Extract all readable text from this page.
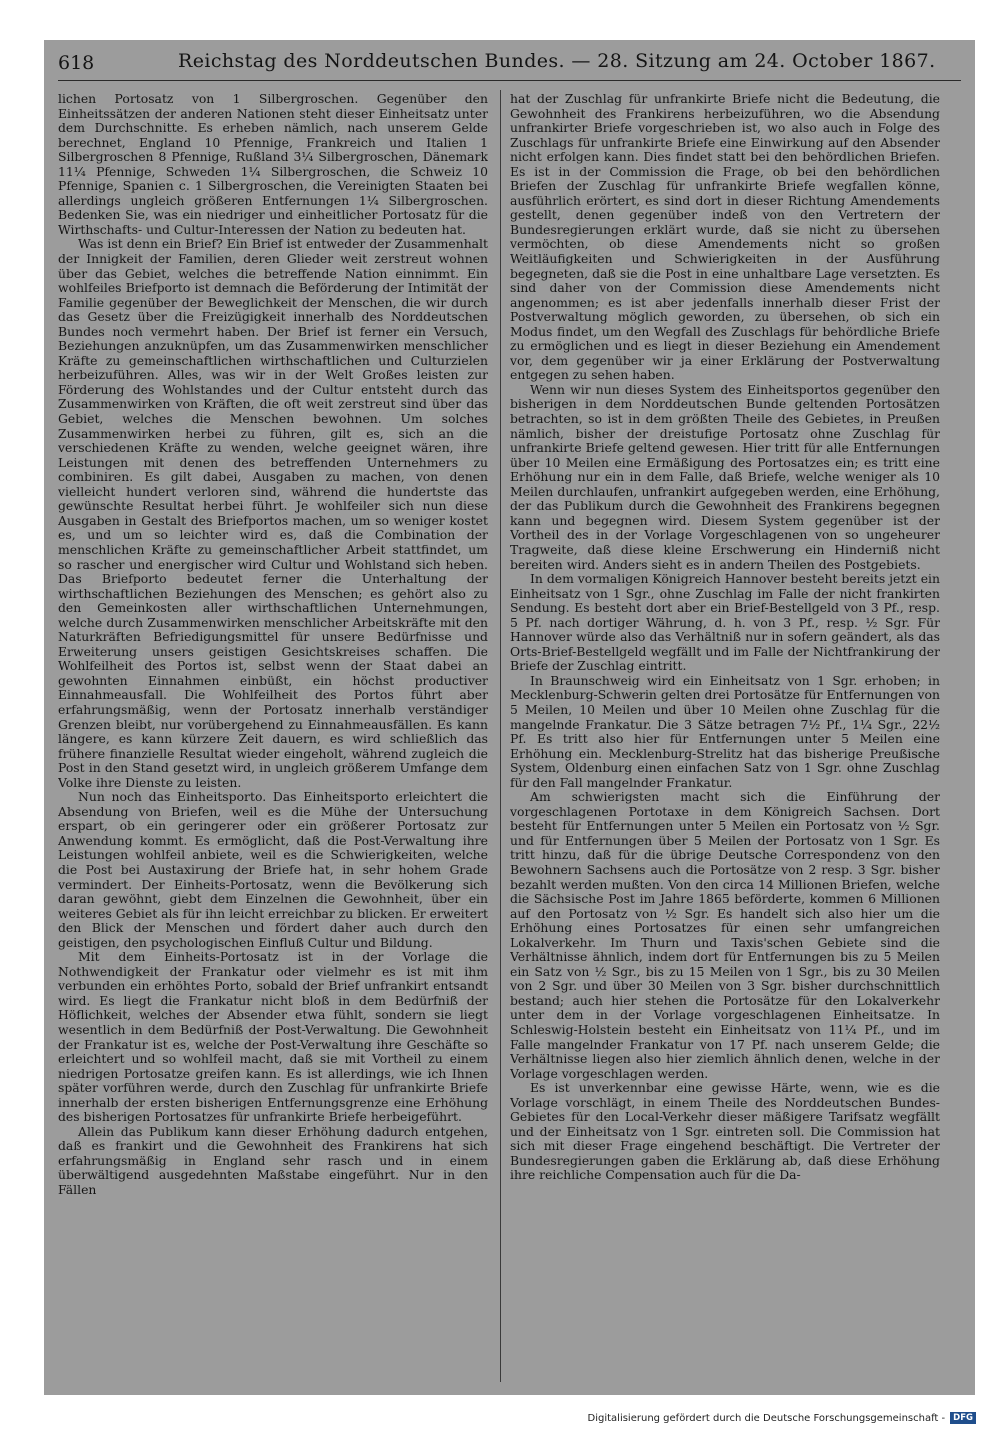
618	Reichstag des Norddeutschen Bundes. — 28. Sitzung am 24. October 1867.

lichen Portosatz von 1 Silbergroschen. Gegenüber den Einheitssätzen der anderen Nationen steht dieser Einheitsatz unter dem Durchschnitte. Es erheben nämlich, nach unserem Gelde berechnet, England 10 Pfennige, Frankreich und Italien 1 Silbergroschen 8 Pfennige, Rußland 3¼ Silbergroschen, Dänemark 11¼ Pfennige, Schweden 1¼ Silbergroschen, die Schweiz 10 Pfennige, Spanien c. 1 Silbergroschen, die Vereinigten Staaten bei allerdings ungleich größeren Entfernungen 1¼ Silbergroschen. Bedenken Sie, was ein niedriger und einheitlicher Portosatz für die Wirthschafts- und Cultur-Interessen der Nation zu bedeuten hat.

Was ist denn ein Brief? Ein Brief ist entweder der Zusammenhalt der Innigkeit der Familien, deren Glieder weit zerstreut wohnen über das Gebiet, welches die betreffende Nation einnimmt. Ein wohlfeiles Briefporto ist demnach die Beförderung der Intimität der Familie gegenüber der Beweglichkeit der Menschen, die wir durch das Gesetz über die Freizügigkeit innerhalb des Norddeutschen Bundes noch vermehrt haben. Der Brief ist ferner ein Versuch, Beziehungen anzuknüpfen, um das Zusammenwirken menschlicher Kräfte zu gemeinschaftlichen wirthschaftlichen und Culturzielen herbeizuführen. Alles, was wir in der Welt Großes leisten zur Förderung des Wohlstandes und der Cultur entsteht durch das Zusammenwirken von Kräften, die oft weit zerstreut sind über das Gebiet, welches die Menschen bewohnen. Um solches Zusammenwirken herbei zu führen, gilt es, sich an die verschiedenen Kräfte zu wenden, welche geeignet wären, ihre Leistungen mit denen des betreffenden Unternehmers zu combiniren. Es gilt dabei, Ausgaben zu machen, von denen vielleicht hundert verloren sind, während die hundertste das gewünschte Resultat herbei führt. Je wohlfeiler sich nun diese Ausgaben in Gestalt des Briefportos machen, um so weniger kostet es, und um so leichter wird es, daß die Combination der menschlichen Kräfte zu gemeinschaftlicher Arbeit stattfindet, um so rascher und energischer wird Cultur und Wohlstand sich heben. Das Briefporto bedeutet ferner die Unterhaltung der wirthschaftlichen Beziehungen des Menschen; es gehört also zu den Gemeinkosten aller wirthschaftlichen Unternehmungen, welche durch Zusammenwirken menschlicher Arbeitskräfte mit den Naturkräften Befriedigungsmittel für unsere Bedürfnisse und Erweiterung unsers geistigen Gesichtskreises schaffen. Die Wohlfeilheit des Portos ist, selbst wenn der Staat dabei an gewohnten Einnahmen einbüßt, ein höchst productiver Einnahmeausfall. Die Wohlfeilheit des Portos führt aber erfahrungsmäßig, wenn der Portosatz innerhalb verständiger Grenzen bleibt, nur vorübergehend zu Einnahmeausfällen. Es kann längere, es kann kürzere Zeit dauern, es wird schließlich das frühere finanzielle Resultat wieder eingeholt, während zugleich die Post in den Stand gesetzt wird, in ungleich größerem Umfange dem Volke ihre Dienste zu leisten.

Nun noch das Einheitsporto. Das Einheitsporto erleichtert die Absendung von Briefen, weil es die Mühe der Untersuchung erspart, ob ein geringerer oder ein größerer Portosatz zur Anwendung kommt. Es ermöglicht, daß die Post-Verwaltung ihre Leistungen wohlfeil anbiete, weil es die Schwierigkeiten, welche die Post bei Austaxirung der Briefe hat, in sehr hohem Grade vermindert. Der Einheits-Portosatz, wenn die Bevölkerung sich daran gewöhnt, giebt dem Einzelnen die Gewohnheit, über ein weiteres Gebiet als für ihn leicht erreichbar zu blicken. Er erweitert den Blick der Menschen und fördert daher auch durch den geistigen, den psychologischen Einfluß Cultur und Bildung.

Mit dem Einheits-Portosatz ist in der Vorlage die Nothwendigkeit der Frankatur oder vielmehr es ist mit ihm verbunden ein erhöhtes Porto, sobald der Brief unfrankirt entsandt wird. Es liegt die Frankatur nicht bloß in dem Bedürfniß der Höflichkeit, welches der Absender etwa fühlt, sondern sie liegt wesentlich in dem Bedürfniß der Post-Verwaltung. Die Gewohnheit der Frankatur ist es, welche der Post-Verwaltung ihre Geschäfte so erleichtert und so wohlfeil macht, daß sie mit Vortheil zu einem niedrigen Portosatze greifen kann. Es ist allerdings, wie ich Ihnen später vorführen werde, durch den Zuschlag für unfrankirte Briefe innerhalb der ersten bisherigen Entfernungsgrenze eine Erhöhung des bisherigen Portosatzes für unfrankirte Briefe herbeigeführt.

Allein das Publikum kann dieser Erhöhung dadurch entgehen, daß es frankirt und die Gewohnheit des Frankirens hat sich erfahrungsmäßig in England sehr rasch und in einem überwältigend ausgedehnten Maßstabe eingeführt. Nur in den Fällen

hat der Zuschlag für unfrankirte Briefe nicht die Bedeutung, die Gewohnheit des Frankirens herbeizuführen, wo die Absendung unfrankirter Briefe vorgeschrieben ist, wo also auch in Folge des Zuschlags für unfrankirte Briefe eine Einwirkung auf den Absender nicht erfolgen kann. Dies findet statt bei den behördlichen Briefen. Es ist in der Commission die Frage, ob bei den behördlichen Briefen der Zuschlag für unfrankirte Briefe wegfallen könne, ausführlich erörtert, es sind dort in dieser Richtung Amendements gestellt, denen gegenüber indeß von den Vertretern der Bundesregierungen erklärt wurde, daß sie nicht zu übersehen vermöchten, ob diese Amendements nicht so großen Weitläufigkeiten und Schwierigkeiten in der Ausführung begegneten, daß sie die Post in eine unhaltbare Lage versetzten. Es sind daher von der Commission diese Amendements nicht angenommen; es ist aber jedenfalls innerhalb dieser Frist der Postverwaltung möglich geworden, zu übersehen, ob sich ein Modus findet, um den Wegfall des Zuschlags für behördliche Briefe zu ermöglichen und es liegt in dieser Beziehung ein Amendement vor, dem gegenüber wir ja einer Erklärung der Postverwaltung entgegen zu sehen haben.

Wenn wir nun dieses System des Einheitsportos gegenüber den bisherigen in dem Norddeutschen Bunde geltenden Portosätzen betrachten, so ist in dem größten Theile des Gebietes, in Preußen nämlich, bisher der dreistufige Portosatz ohne Zuschlag für unfrankirte Briefe geltend gewesen. Hier tritt für alle Entfernungen über 10 Meilen eine Ermäßigung des Portosatzes ein; es tritt eine Erhöhung nur ein in dem Falle, daß Briefe, welche weniger als 10 Meilen durchlaufen, unfrankirt aufgegeben werden, eine Erhöhung, der das Publikum durch die Gewohnheit des Frankirens begegnen kann und begegnen wird. Diesem System gegenüber ist der Vortheil des in der Vorlage Vorgeschlagenen von so ungeheurer Tragweite, daß diese kleine Erschwerung ein Hinderniß nicht bereiten wird. Anders sieht es in andern Theilen des Postgebiets.

In dem vormaligen Königreich Hannover besteht bereits jetzt ein Einheitsatz von 1 Sgr., ohne Zuschlag im Falle der nicht frankirten Sendung. Es besteht dort aber ein Brief-Bestellgeld von 3 Pf., resp. 5 Pf. nach dortiger Währung, d. h. von 3 Pf., resp. ½ Sgr. Für Hannover würde also das Verhältniß nur in sofern geändert, als das Orts-Brief-Bestellgeld wegfällt und im Falle der Nichtfrankirung der Briefe der Zuschlag eintritt.

In Braunschweig wird ein Einheitsatz von 1 Sgr. erhoben; in Mecklenburg-Schwerin gelten drei Portosätze für Entfernungen von 5 Meilen, 10 Meilen und über 10 Meilen ohne Zuschlag für die mangelnde Frankatur. Die 3 Sätze betragen 7½ Pf., 1¼ Sgr., 22½ Pf. Es tritt also hier für Entfernungen unter 5 Meilen eine Erhöhung ein. Mecklenburg-Strelitz hat das bisherige Preußische System, Oldenburg einen einfachen Satz von 1 Sgr. ohne Zuschlag für den Fall mangelnder Frankatur.

Am schwierigsten macht sich die Einführung der vorgeschlagenen Portotaxe in dem Königreich Sachsen. Dort besteht für Entfernungen unter 5 Meilen ein Portosatz von ½ Sgr. und für Entfernungen über 5 Meilen der Portosatz von 1 Sgr. Es tritt hinzu, daß für die übrige Deutsche Correspondenz von den Bewohnern Sachsens auch die Portosätze von 2 resp. 3 Sgr. bisher bezahlt werden mußten. Von den circa 14 Millionen Briefen, welche die Sächsische Post im Jahre 1865 beförderte, kommen 6 Millionen auf den Portosatz von ½ Sgr. Es handelt sich also hier um die Erhöhung eines Portosatzes für einen sehr umfangreichen Lokalverkehr. Im Thurn und Taxis'schen Gebiete sind die Verhältnisse ähnlich, indem dort für Entfernungen bis zu 5 Meilen ein Satz von ½ Sgr., bis zu 15 Meilen von 1 Sgr., bis zu 30 Meilen von 2 Sgr. und über 30 Meilen von 3 Sgr. bisher durchschnittlich bestand; auch hier stehen die Portosätze für den Lokalverkehr unter dem in der Vorlage vorgeschlagenen Einheitsatze. In Schleswig-Holstein besteht ein Einheitsatz von 11¼ Pf., und im Falle mangelnder Frankatur von 17 Pf. nach unserem Gelde; die Verhältnisse liegen also hier ziemlich ähnlich denen, welche in der Vorlage vorgeschlagen werden.

Es ist unverkennbar eine gewisse Härte, wenn, wie es die Vorlage vorschlägt, in einem Theile des Norddeutschen Bundes-Gebietes für den Local-Verkehr dieser mäßigere Tarifsatz wegfällt und der Einheitsatz von 1 Sgr. eintreten soll. Die Commission hat sich mit dieser Frage eingehend beschäftigt. Die Vertreter der Bundesregierungen gaben die Erklärung ab, daß diese Erhöhung ihre reichliche Compensation auch für die Da-

Digitalisierung gefördert durch die Deutsche Forschungsgemeinschaft - DFG
